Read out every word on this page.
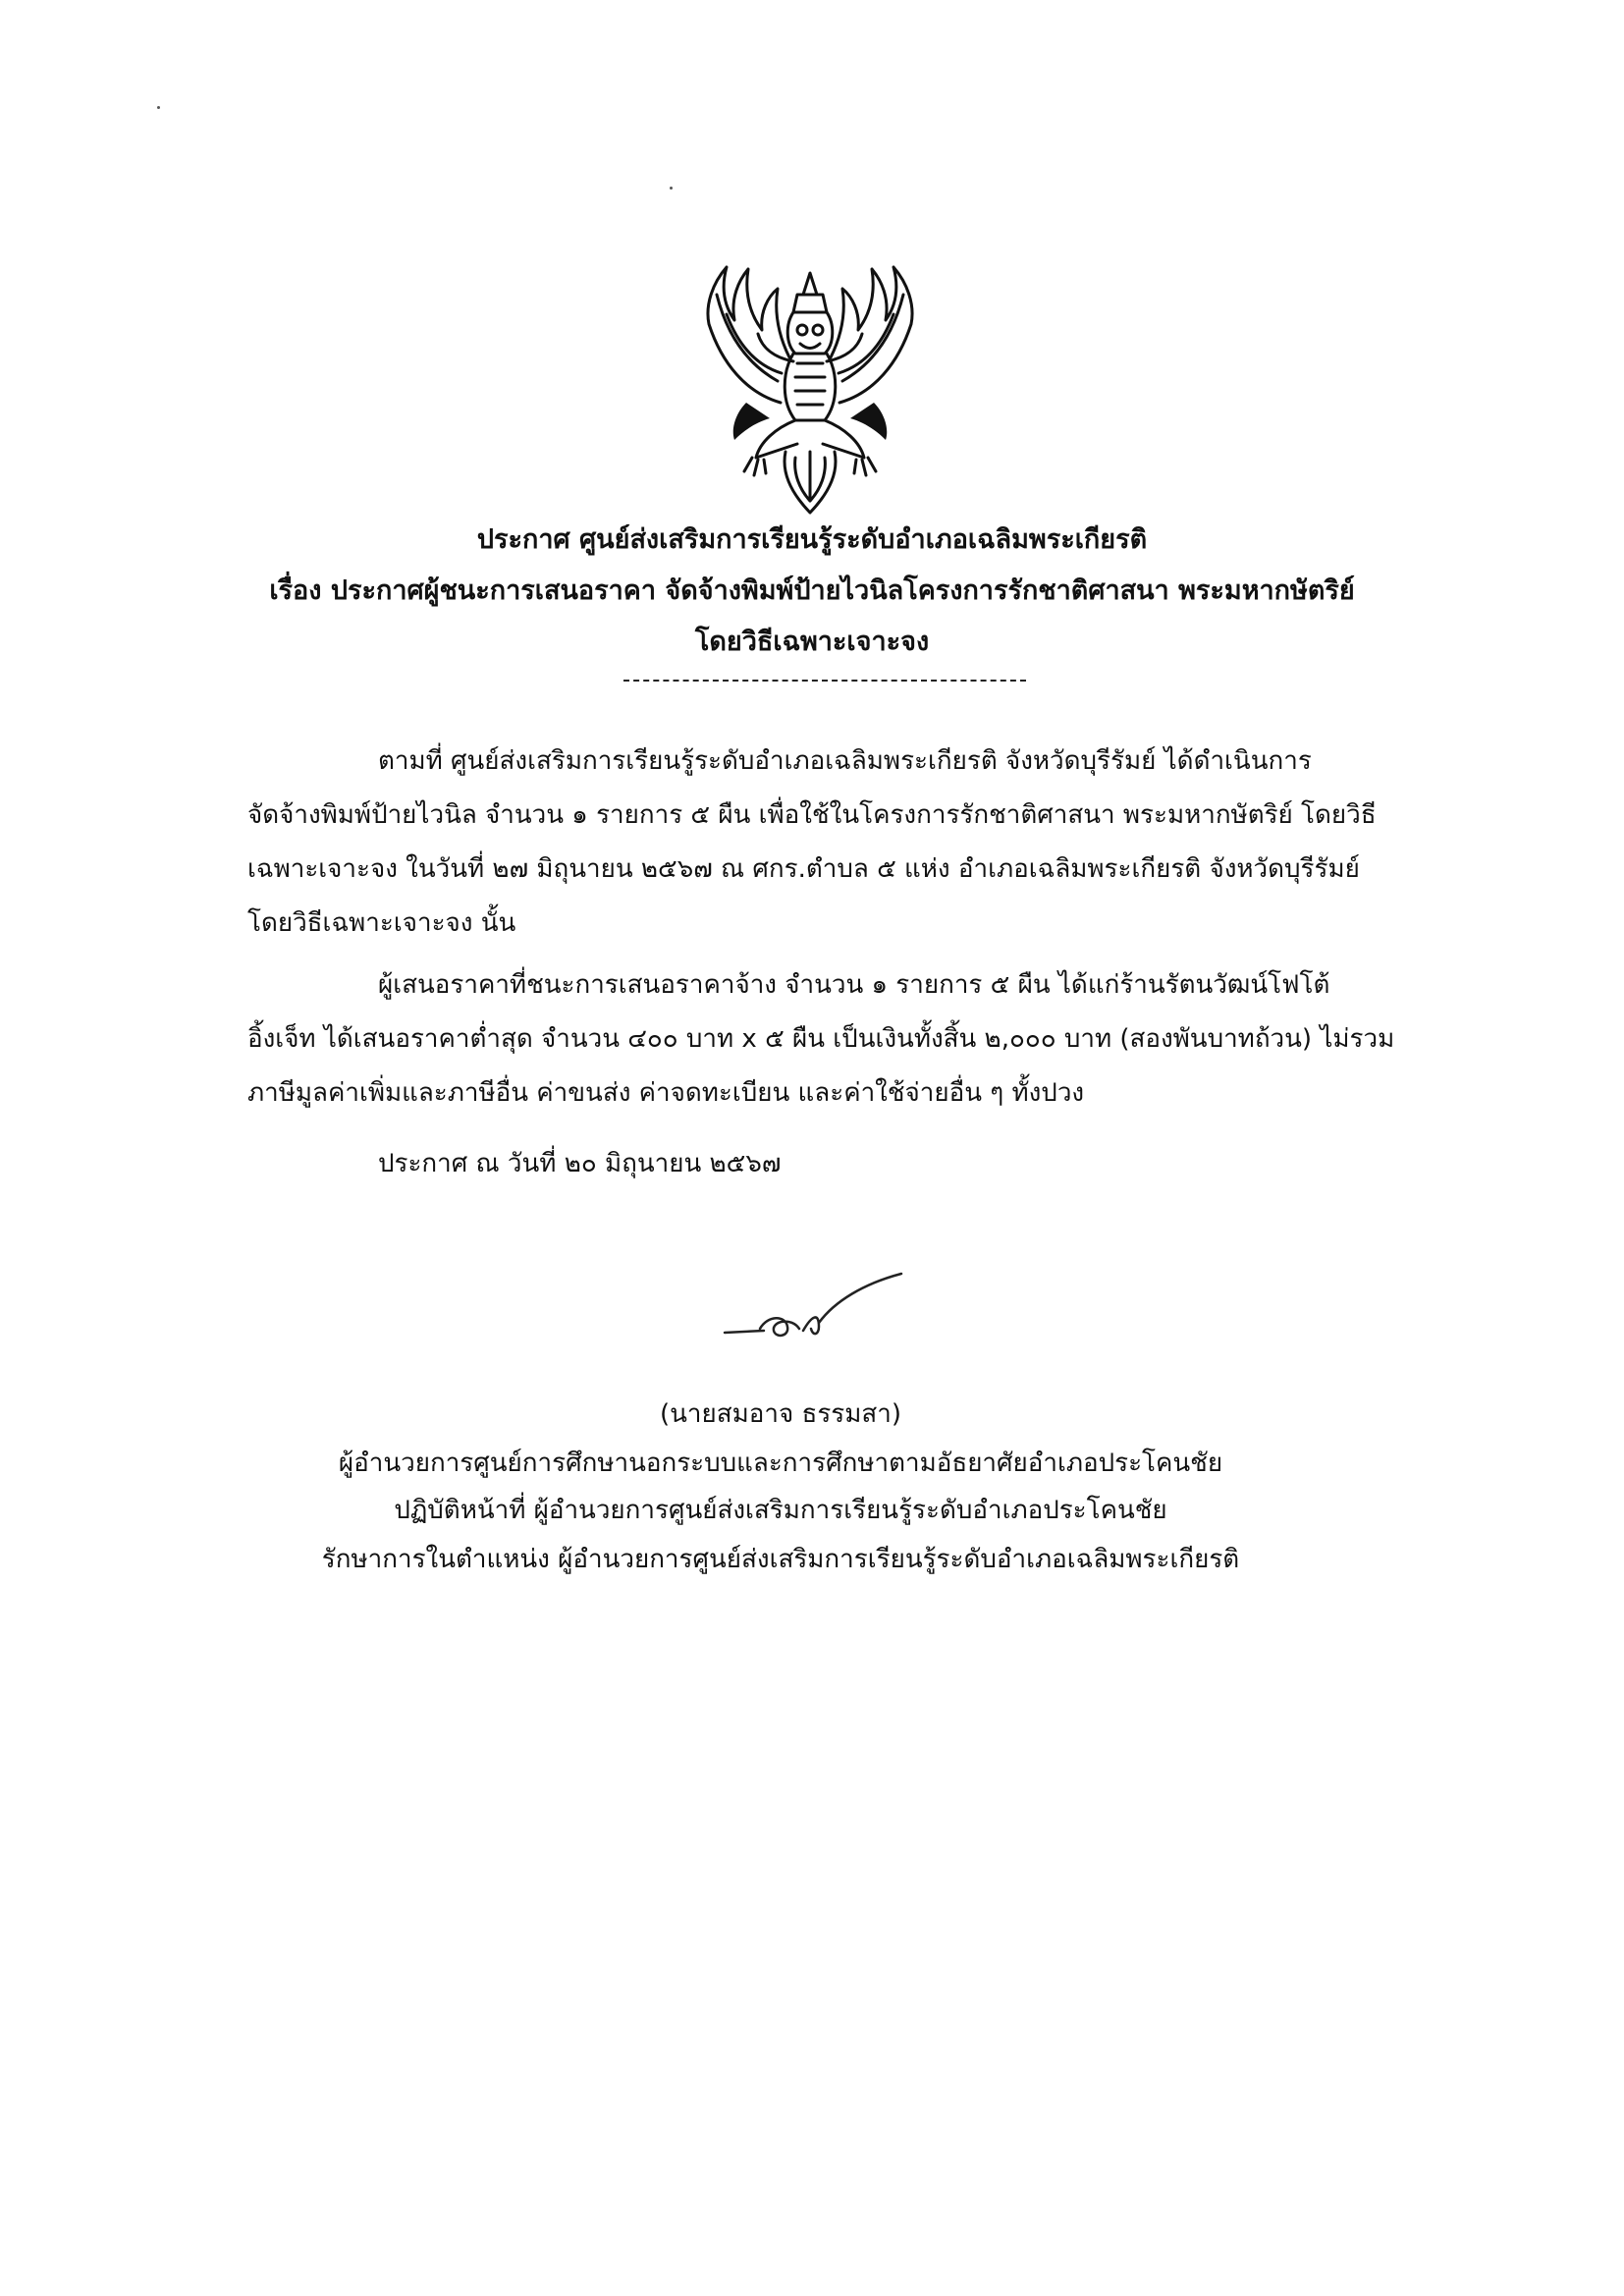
ประกาศ ศูนย์ส่งเสริมการเรียนรู้ระดับอำเภอเฉลิมพระเกียรติ
เรื่อง ประกาศผู้ชนะการเสนอราคา จัดจ้างพิมพ์ป้ายไวนิลโครงการรักชาติศาสนา พระมหากษัตริย์
โดยวิธีเฉพาะเจาะจง
ตามที่ ศูนย์ส่งเสริมการเรียนรู้ระดับอำเภอเฉลิมพระเกียรติ จังหวัดบุรีรัมย์ ได้ดำเนินการ
จัดจ้างพิมพ์ป้ายไวนิล จำนวน ๑ รายการ ๕ ผืน เพื่อใช้ในโครงการรักชาติศาสนา พระมหากษัตริย์ โดยวิธี
เฉพาะเจาะจง ในวันที่ ๒๗ มิถุนายน ๒๕๖๗ ณ ศกร.ตำบล ๕ แห่ง อำเภอเฉลิมพระเกียรติ จังหวัดบุรีรัมย์
โดยวิธีเฉพาะเจาะจง นั้น
ผู้เสนอราคาที่ชนะการเสนอราคาจ้าง จำนวน ๑ รายการ ๕ ผืน ได้แก่ร้านรัตนวัฒน์โฟโต้
อิ้งเจ็ท ได้เสนอราคาต่ำสุด จำนวน ๔๐๐ บาท x ๕ ผืน เป็นเงินทั้งสิ้น ๒,๐๐๐ บาท (สองพันบาทถ้วน) ไม่รวม
ภาษีมูลค่าเพิ่มและภาษีอื่น ค่าขนส่ง ค่าจดทะเบียน และค่าใช้จ่ายอื่น ๆ ทั้งปวง
ประกาศ ณ วันที่ ๒๐ มิถุนายน ๒๕๖๗
(นายสมอาจ ธรรมสา)
ผู้อำนวยการศูนย์การศึกษานอกระบบและการศึกษาตามอัธยาศัยอำเภอประโคนชัย
ปฏิบัติหน้าที่ ผู้อำนวยการศูนย์ส่งเสริมการเรียนรู้ระดับอำเภอประโคนชัย
รักษาการในตำแหน่ง ผู้อำนวยการศูนย์ส่งเสริมการเรียนรู้ระดับอำเภอเฉลิมพระเกียรติ
